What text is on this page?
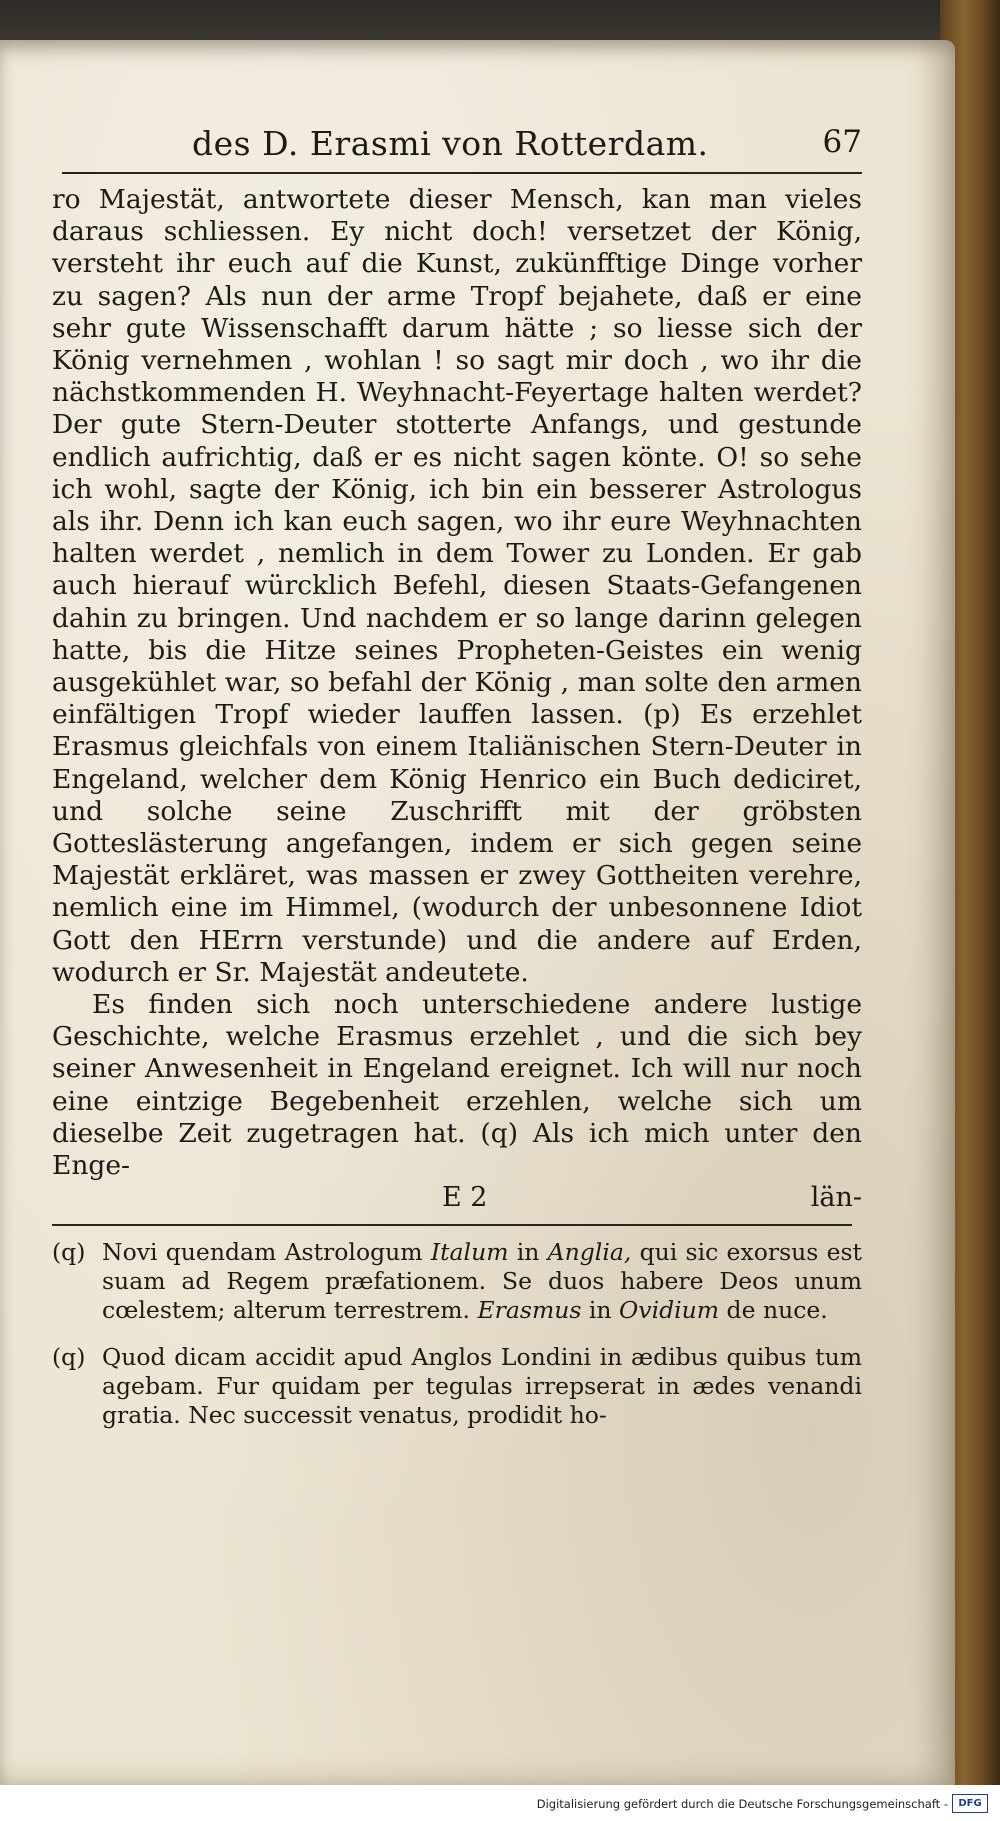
des D. Erasmi von Rotterdam.	67

ro Majestät, antwortete dieser Mensch, kan man vieles daraus schliessen. Ey nicht doch! versetzet der König, versteht ihr euch auf die Kunst, zukünfftige Dinge vorher zu sagen? Als nun der arme Tropf bejahete, daß er eine sehr gute Wissenschafft darum hätte ; so liesse sich der König vernehmen , wohlan ! so sagt mir doch , wo ihr die nächstkommenden H. Weyhnacht-Feyertage halten werdet? Der gute Stern-Deuter stotterte Anfangs, und gestunde endlich aufrichtig, daß er es nicht sagen könte. O! so sehe ich wohl, sagte der König, ich bin ein besserer Astrologus als ihr. Denn ich kan euch sagen, wo ihr eure Weyhnachten halten werdet , nemlich in dem Tower zu Londen. Er gab auch hierauf würcklich Befehl, diesen Staats-Gefangenen dahin zu bringen. Und nachdem er so lange darinn gelegen hatte, bis die Hitze seines Propheten-Geistes ein wenig ausgekühlet war, so befahl der König , man solte den armen einfältigen Tropf wieder lauffen lassen. (p) Es erzehlet Erasmus gleichfals von einem Italiänischen Stern-Deuter in Engeland, welcher dem König Henrico ein Buch dediciret, und solche seine Zuschrifft mit der gröbsten Gotteslästerung angefangen, indem er sich gegen seine Majestät erkläret, was massen er zwey Gottheiten verehre, nemlich eine im Himmel, (wodurch der unbesonnene Idiot Gott den HErrn verstunde) und die andere auf Erden, wodurch er Sr. Majestät andeutete.

Es finden sich noch unterschiedene andere lustige Geschichte, welche Erasmus erzehlet , und die sich bey seiner Anwesenheit in Engeland ereignet. Ich will nur noch eine eintzige Begebenheit erzehlen, welche sich um dieselbe Zeit zugetragen hat. (q) Als ich mich unter den Enge-

E 2	län-

(q) Novi quendam Astrologum Italum in Anglia, qui sic exorsus est suam ad Regem præfationem. Se duos habere Deos unum cœlestem; alterum terrestrem. Erasmus in Ovidium de nuce.

(q) Quod dicam accidit apud Anglos Londini in ædibus quibus tum agebam. Fur quidam per tegulas irrepserat in ædes venandi gratia. Nec successit venatus, prodidit ho-

Digitalisierung gefördert durch die Deutsche Forschungsgemeinschaft -	DFG
